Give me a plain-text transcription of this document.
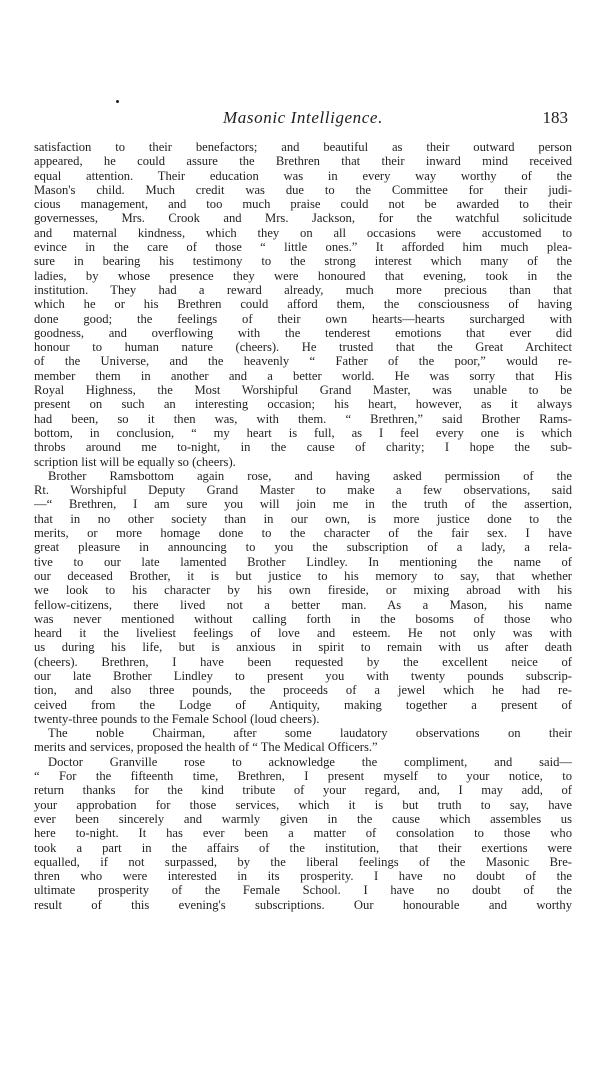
Masonic Intelligence.	183
satisfaction to their benefactors; and beautiful as their outward person
appeared, he could assure the Brethren that their inward mind received
equal attention. Their education was in every way worthy of the
Mason's child. Much credit was due to the Committee for their judi-
cious management, and too much praise could not be awarded to their
governesses, Mrs. Crook and Mrs. Jackson, for the watchful solicitude
and maternal kindness, which they on all occasions were accustomed to
evince in the care of those “ little ones.” It afforded him much plea-
sure in bearing his testimony to the strong interest which many of the
ladies, by whose presence they were honoured that evening, took in the
institution. They had a reward already, much more precious than that
which he or his Brethren could afford them, the consciousness of having
done good; the feelings of their own hearts—hearts surcharged with
goodness, and overflowing with the tenderest emotions that ever did
honour to human nature (cheers). He trusted that the Great Architect
of the Universe, and the heavenly “ Father of the poor,” would re-
member them in another and a better world. He was sorry that His
Royal Highness, the Most Worshipful Grand Master, was unable to be
present on such an interesting occasion; his heart, however, as it always
had been, so it then was, with them. “ Brethren,” said Brother Rams-
bottom, in conclusion, “ my heart is full, as I feel every one is which
throbs around me to-night, in the cause of charity; I hope the sub-
scription list will be equally so (cheers).
Brother Ramsbottom again rose, and having asked permission of the
Rt. Worshipful Deputy Grand Master to make a few observations, said
—“ Brethren, I am sure you will join me in the truth of the assertion,
that in no other society than in our own, is more justice done to the
merits, or more homage done to the character of the fair sex. I have
great pleasure in announcing to you the subscription of a lady, a rela-
tive to our late lamented Brother Lindley. In mentioning the name of
our deceased Brother, it is but justice to his memory to say, that whether
we look to his character by his own fireside, or mixing abroad with his
fellow-citizens, there lived not a better man. As a Mason, his name
was never mentioned without calling forth in the bosoms of those who
heard it the liveliest feelings of love and esteem. He not only was with
us during his life, but is anxious in spirit to remain with us after death
(cheers). Brethren, I have been requested by the excellent neice of
our late Brother Lindley to present you with twenty pounds subscrip-
tion, and also three pounds, the proceeds of a jewel which he had re-
ceived from the Lodge of Antiquity, making together a present of
twenty-three pounds to the Female School (loud cheers).
The noble Chairman, after some laudatory observations on their
merits and services, proposed the health of “ The Medical Officers.”
Doctor Granville rose to acknowledge the compliment, and said—
“ For the fifteenth time, Brethren, I present myself to your notice, to
return thanks for the kind tribute of your regard, and, I may add, of
your approbation for those services, which it is but truth to say, have
ever been sincerely and warmly given in the cause which assembles us
here to-night. It has ever been a matter of consolation to those who
took a part in the affairs of the institution, that their exertions were
equalled, if not surpassed, by the liberal feelings of the Masonic Bre-
thren who were interested in its prosperity. I have no doubt of the
ultimate prosperity of the Female School. I have no doubt of the
result of this evening's subscriptions. Our honourable and worthy
